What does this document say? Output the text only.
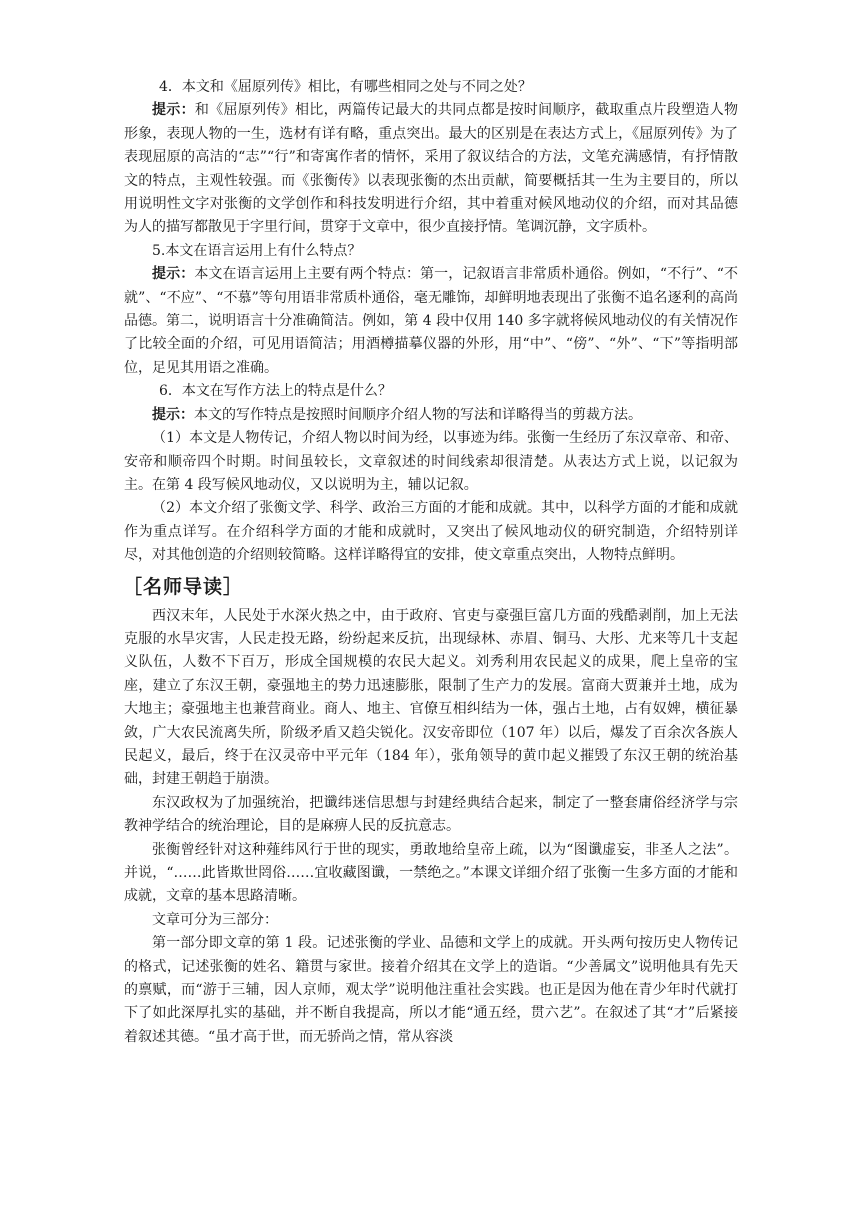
4．本文和《屈原列传》相比，有哪些相同之处与不同之处？

提示：和《屈原列传》相比，两篇传记最大的共同点都是按时间顺序，截取重点片段塑造人物形象，表现人物的一生，选材有详有略，重点突出。最大的区别是在表达方式上，《屈原列传》为了表现屈原的高洁的“志”“行”和寄寓作者的情怀，采用了叙议结合的方法，文笔充满感情，有抒情散文的特点，主观性较强。而《张衡传》以表现张衡的杰出贡献，简要概括其一生为主要目的，所以用说明性文字对张衡的文学创作和科技发明进行介绍，其中着重对候风地动仪的介绍，而对其品德为人的描写都散见于字里行间，贯穿于文章中，很少直接抒情。笔调沉静，文字质朴。

5.本文在语言运用上有什么特点？

提示：本文在语言运用上主要有两个特点：第一，记叙语言非常质朴通俗。例如，“不行”、“不就”、“不应”、“不慕”等句用语非常质朴通俗，毫无雕饰，却鲜明地表现出了张衡不追名逐利的高尚品德。第二，说明语言十分准确简洁。例如，第 4 段中仅用 140 多字就将候风地动仪的有关情况作了比较全面的介绍，可见用语简洁；用酒樽描摹仪器的外形，用“中”、“傍”、“外”、“下”等指明部位，足见其用语之准确。

6．本文在写作方法上的特点是什么？

提示：本文的写作特点是按照时间顺序介绍人物的写法和详略得当的剪裁方法。

（1）本文是人物传记，介绍人物以时间为经，以事迹为纬。张衡一生经历了东汉章帝、和帝、安帝和顺帝四个时期。时间虽较长，文章叙述的时间线索却很清楚。从表达方式上说，以记叙为主。在第 4 段写候风地动仪，又以说明为主，辅以记叙。

（2）本文介绍了张衡文学、科学、政治三方面的才能和成就。其中，以科学方面的才能和成就作为重点详写。在介绍科学方面的才能和成就时，又突出了候风地动仪的研究制造，介绍特别详尽，对其他创造的介绍则较简略。这样详略得宜的安排，使文章重点突出，人物特点鲜明。

［名师导读］

西汉末年，人民处于水深火热之中，由于政府、官吏与豪强巨富几方面的残酷剥削，加上无法克服的水旱灾害，人民走投无路，纷纷起来反抗，出现绿林、赤眉、铜马、大彤、尤来等几十支起义队伍，人数不下百万，形成全国规模的农民大起义。刘秀利用农民起义的成果，爬上皇帝的宝座，建立了东汉王朝，豪强地主的势力迅速膨胀，限制了生产力的发展。富商大贾兼并土地，成为大地主；豪强地主也兼营商业。商人、地主、官僚互相纠结为一体，强占土地，占有奴婢，横征暴敛，广大农民流离失所，阶级矛盾又趋尖锐化。汉安帝即位（107 年）以后，爆发了百余次各族人民起义，最后，终于在汉灵帝中平元年（184 年），张角领导的黄巾起义摧毁了东汉王朝的统治基础，封建王朝趋于崩溃。

东汉政权为了加强统治，把谶纬迷信思想与封建经典结合起来，制定了一整套庸俗经济学与宗教神学结合的统治理论，目的是麻痹人民的反抗意志。

张衡曾经针对这种薤纬风行于世的现实，勇敢地给皇帝上疏，以为“图谶虚妄，非圣人之法”。并说，“……此皆欺世罔俗……宜收藏图谶，一禁绝之。”本课文详细介绍了张衡一生多方面的才能和成就，文章的基本思路清晰。

文章可分为三部分：

第一部分即文章的第 1 段。记述张衡的学业、品德和文学上的成就。开头两句按历史人物传记的格式，记述张衡的姓名、籍贯与家世。接着介绍其在文学上的造诣。“少善属文”说明他具有先天的禀赋，而“游于三辅，因人京师，观太学”说明他注重社会实践。也正是因为他在青少年时代就打下了如此深厚扎实的基础，并不断自我提高，所以才能“通五经，贯六艺”。在叙述了其“才”后紧接着叙述其德。“虽才高于世，而无骄尚之情，常从容淡
